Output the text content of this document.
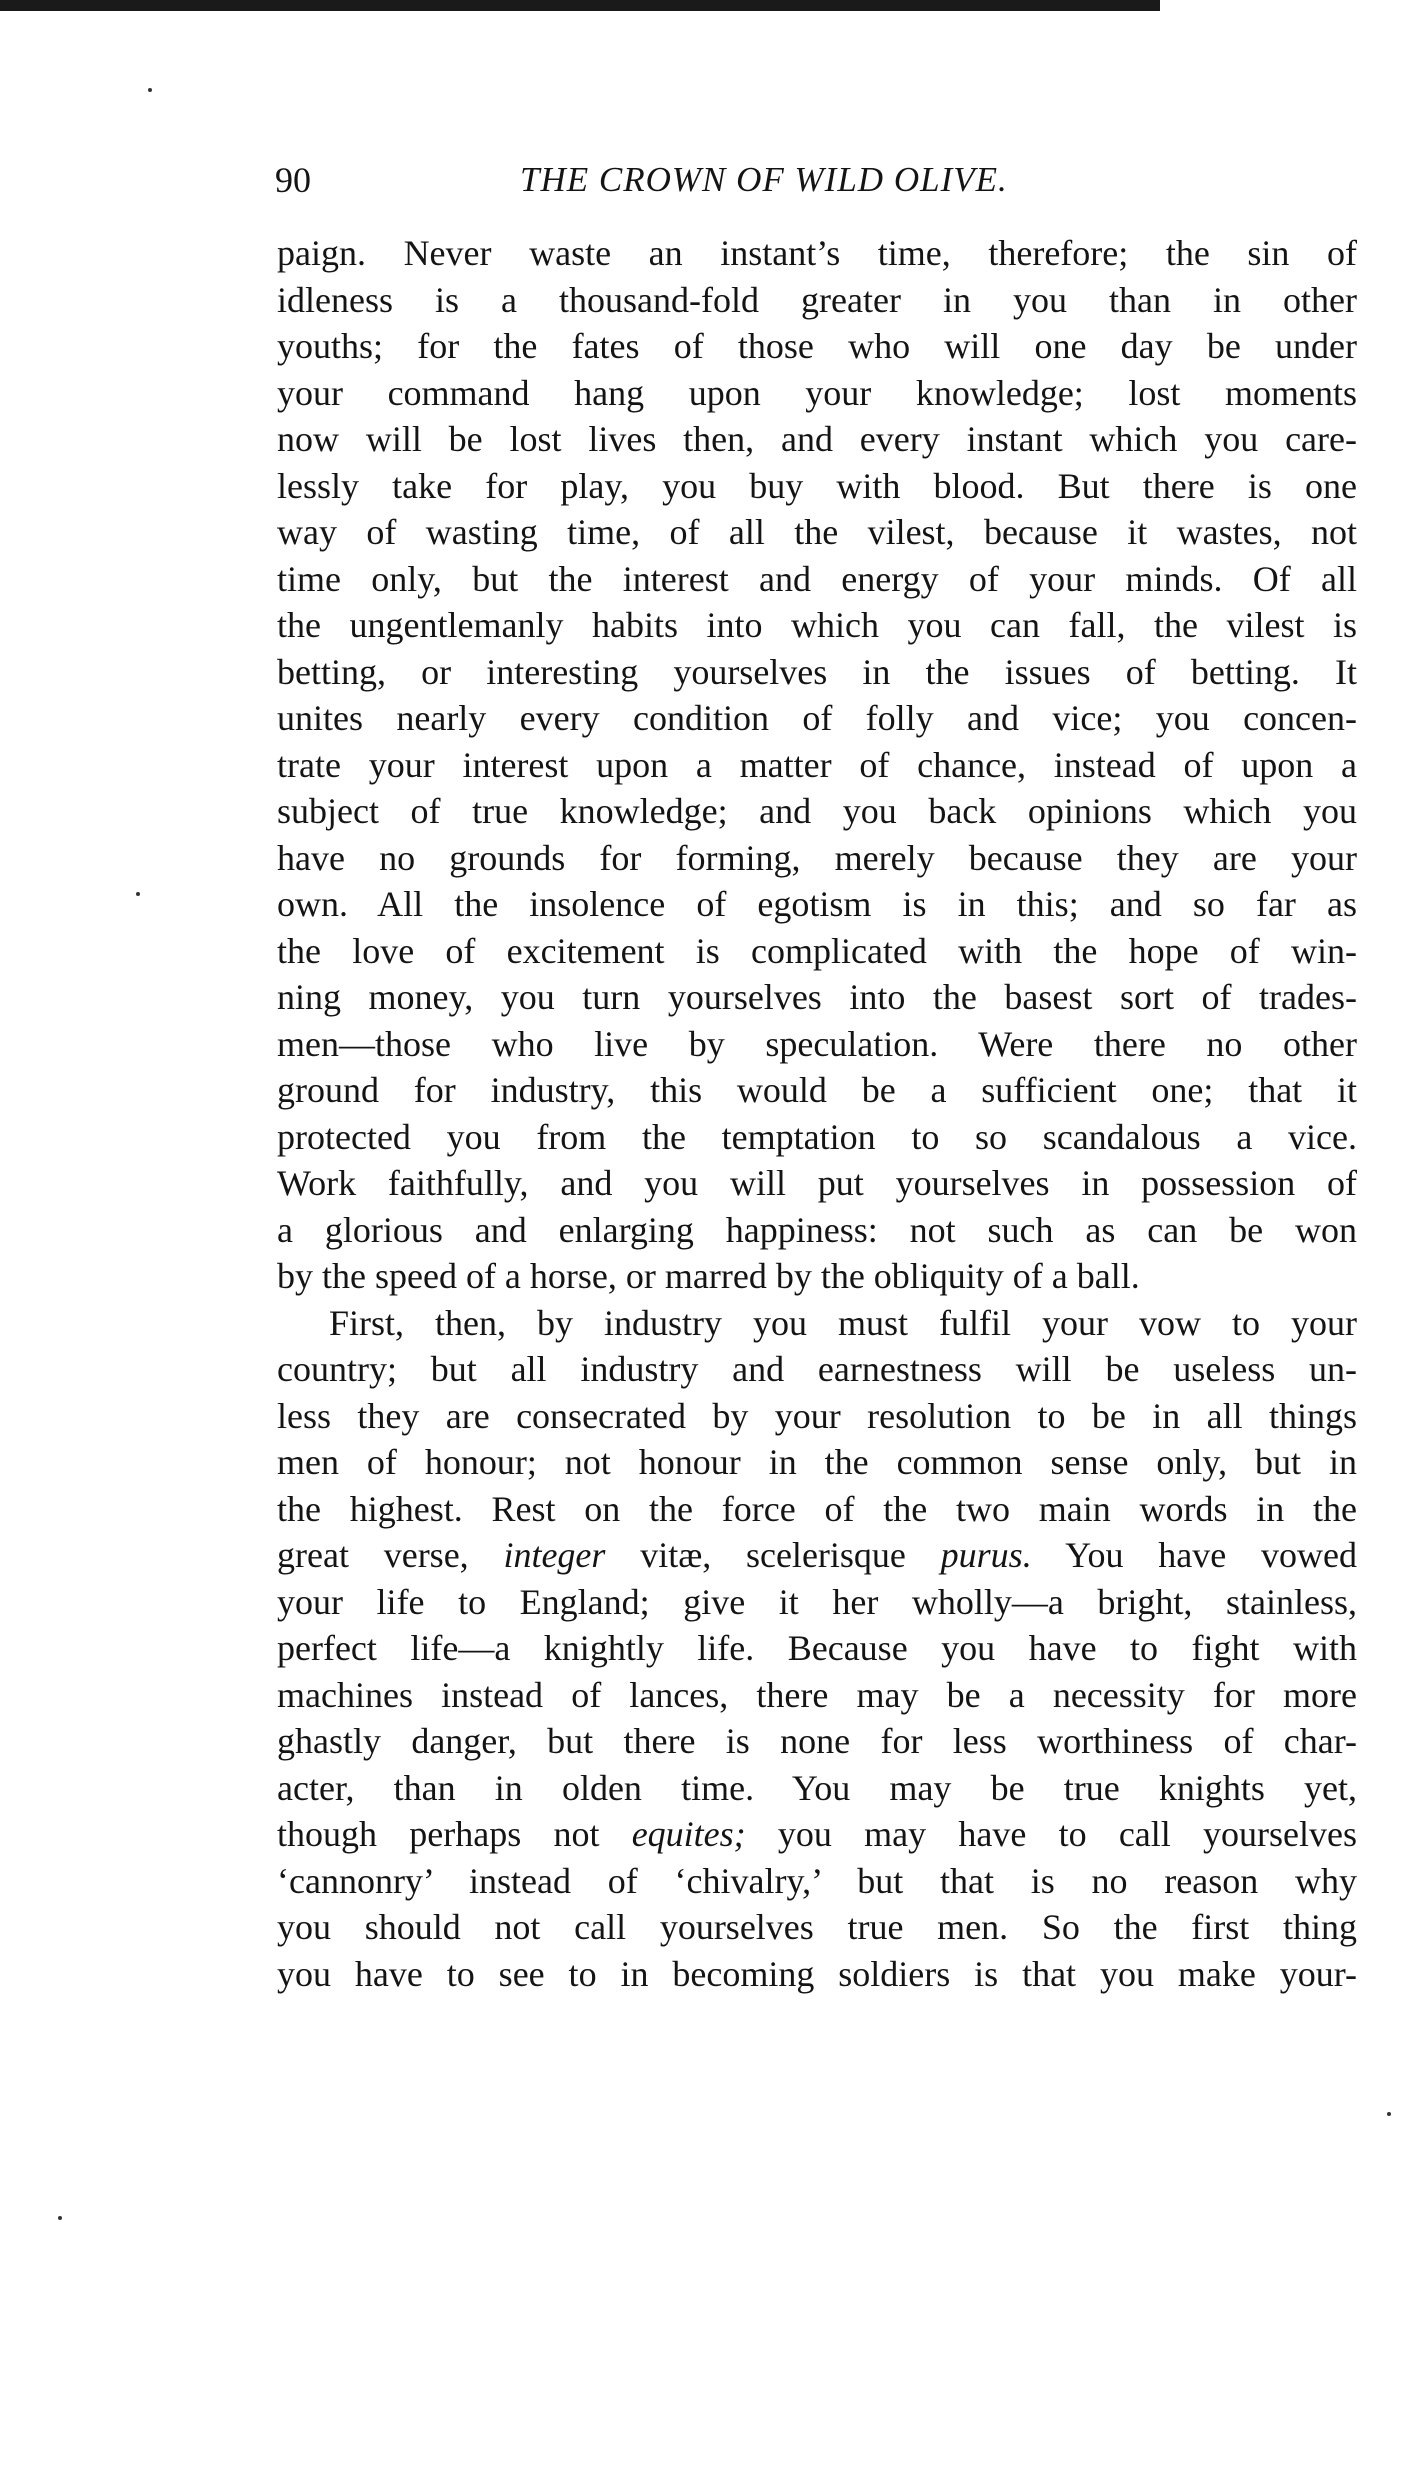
90	THE CROWN OF WILD OLIVE.
paign. Never waste an instant’s time, therefore; the sin of
idleness is a thousand-fold greater in you than in other
youths; for the fates of those who will one day be under
your command hang upon your knowledge; lost moments
now will be lost lives then, and every instant which you care-
lessly take for play, you buy with blood. But there is one
way of wasting time, of all the vilest, because it wastes, not
time only, but the interest and energy of your minds. Of all
the ungentlemanly habits into which you can fall, the vilest is
betting, or interesting yourselves in the issues of betting. It
unites nearly every condition of folly and vice; you concen-
trate your interest upon a matter of chance, instead of upon a
subject of true knowledge; and you back opinions which you
have no grounds for forming, merely because they are your
own. All the insolence of egotism is in this; and so far as
the love of excitement is complicated with the hope of win-
ning money, you turn yourselves into the basest sort of trades-
men—those who live by speculation. Were there no other
ground for industry, this would be a sufficient one; that it
protected you from the temptation to so scandalous a vice.
Work faithfully, and you will put yourselves in possession of
a glorious and enlarging happiness: not such as can be won
by the speed of a horse, or marred by the obliquity of a ball.
First, then, by industry you must fulfil your vow to your
country; but all industry and earnestness will be useless un-
less they are consecrated by your resolution to be in all things
men of honour; not honour in the common sense only, but in
the highest. Rest on the force of the two main words in the
great verse, integer vitæ, scelerisque purus. You have vowed
your life to England; give it her wholly—a bright, stainless,
perfect life—a knightly life. Because you have to fight with
machines instead of lances, there may be a necessity for more
ghastly danger, but there is none for less worthiness of char-
acter, than in olden time. You may be true knights yet,
though perhaps not equites; you may have to call yourselves
‘cannonry’ instead of ‘chivalry,’ but that is no reason why
you should not call yourselves true men. So the first thing
you have to see to in becoming soldiers is that you make your-
